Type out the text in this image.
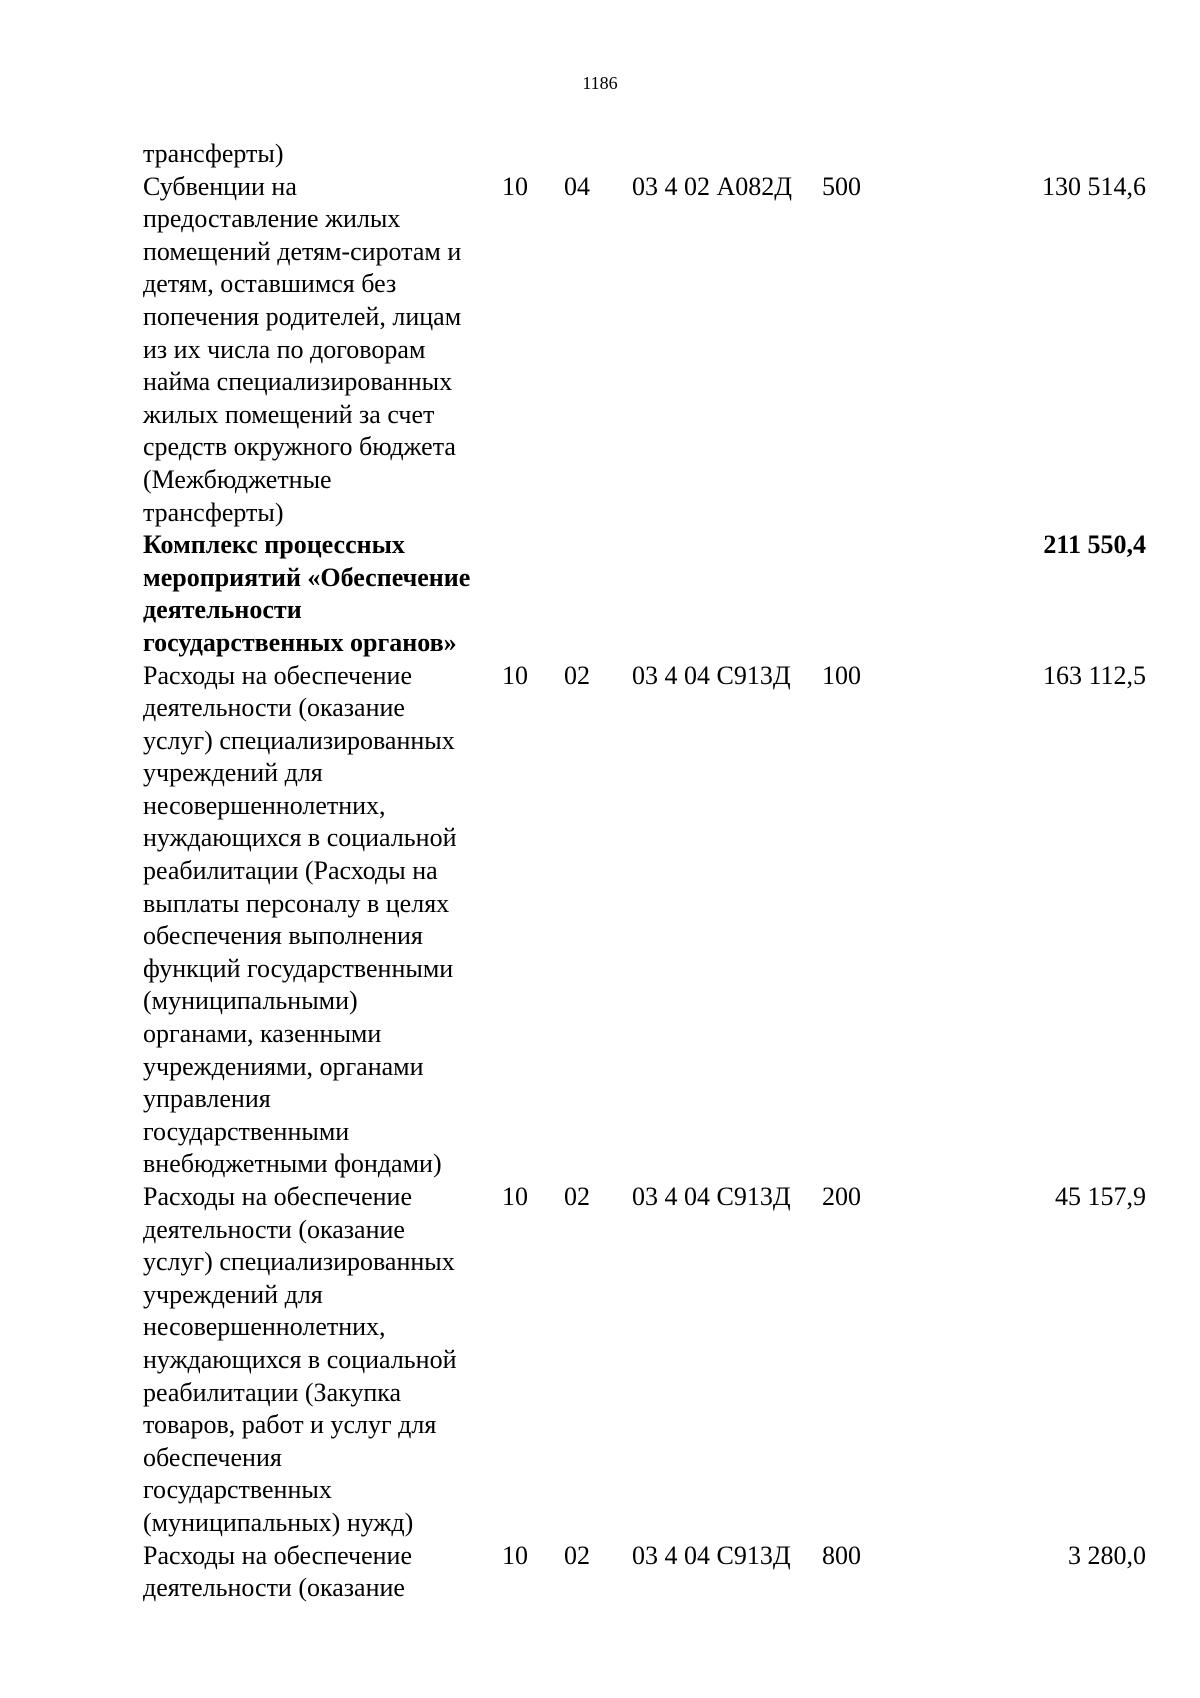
1186
трансферты)
Субвенции на
предоставление жилых
помещений детям-сиротам и
детям, оставшимся без
попечения родителей, лицам
из их числа по договорам
найма специализированных
жилых помещений за счет
средств окружного бюджета
(Межбюджетные
трансферты)
10 04 03 4 02 А082Д 500	130 514,6
Комплекс процессных
мероприятий «Обеспечение
деятельности
государственных органов»
211 550,4
Расходы на обеспечение
деятельности (оказание
услуг) специализированных
учреждений для
несовершеннолетних,
нуждающихся в социальной
реабилитации (Расходы на
выплаты персоналу в целях
обеспечения выполнения
функций государственными
(муниципальными)
органами, казенными
учреждениями, органами
управления
государственными
внебюджетными фондами)
10 02 03 4 04 С913Д 100	163 112,5
Расходы на обеспечение
деятельности (оказание
услуг) специализированных
учреждений для
несовершеннолетних,
нуждающихся в социальной
реабилитации (Закупка
товаров, работ и услуг для
обеспечения
государственных
(муниципальных) нужд)
10 02 03 4 04 С913Д 200	45 157,9
Расходы на обеспечение
деятельности (оказание
10 02 03 4 04 С913Д 800	3 280,0
